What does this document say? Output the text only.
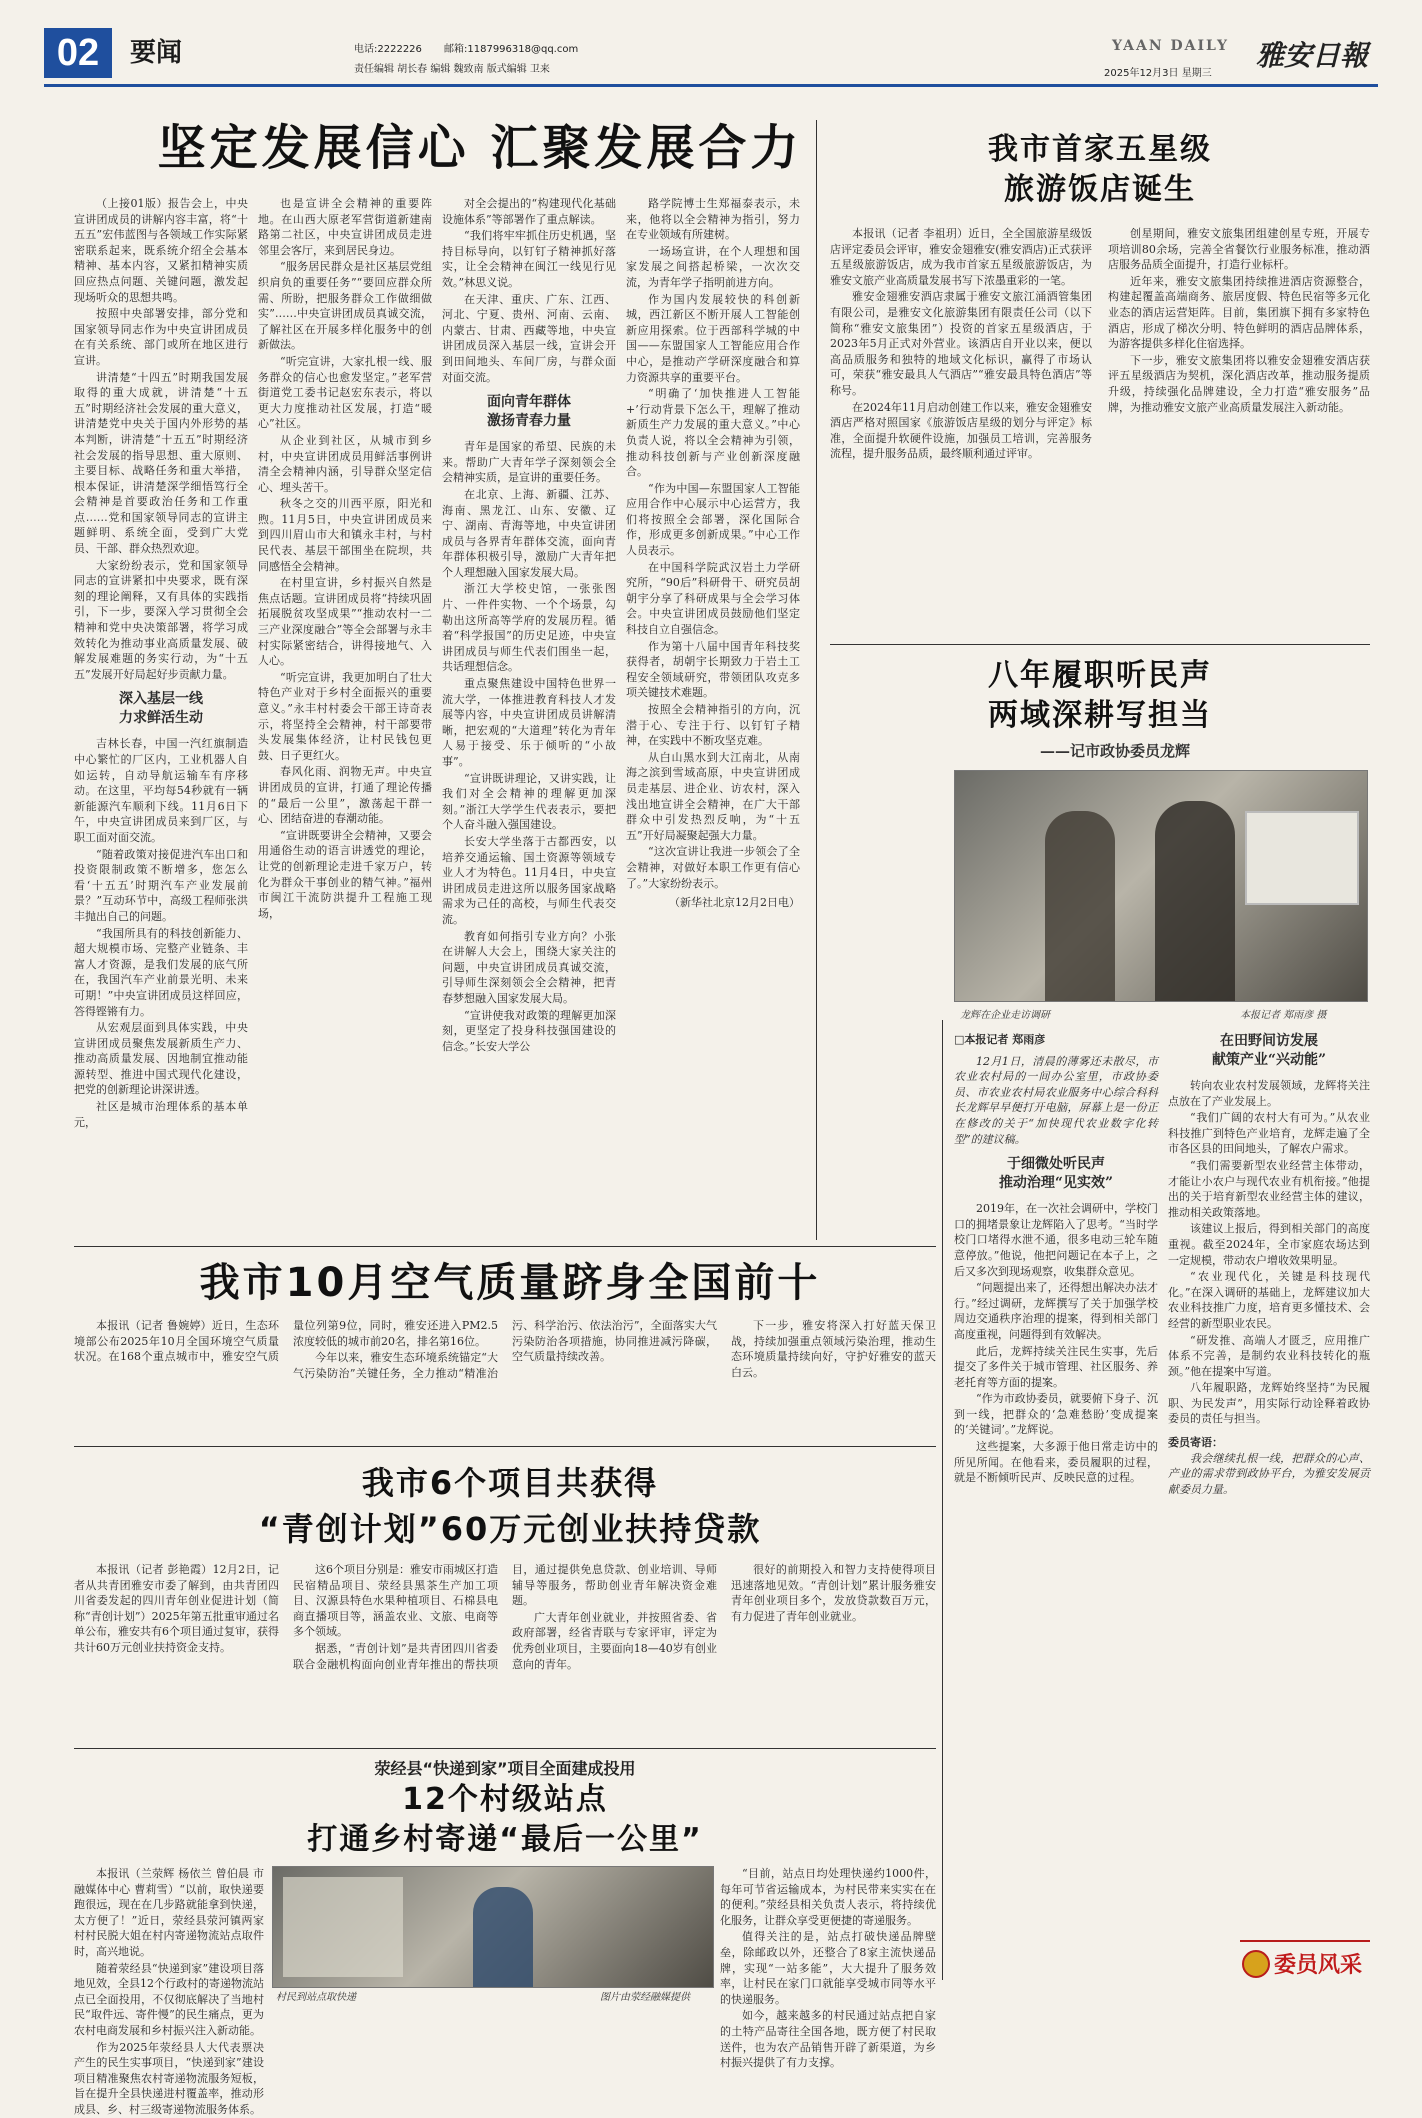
02	要闻	电话:2222226 邮箱:1187996318@qq.com
责任编辑 胡长春 编辑 魏致南 版式编辑 卫来
YAAN DAILY
2025年12月3日 星期三
雅安日報
坚定发展信心 汇聚发展合力

（上接01版）报告会上，中央宣讲团成员的讲解内容丰富，将“十五五”宏伟蓝图与各领域工作实际紧密联系起来，既系统介绍全会基本精神、基本内容，又紧扣精神实质回应热点问题、关键问题，激发起现场听众的思想共鸣。

按照中央部署安排，部分党和国家领导同志作为中央宣讲团成员在有关系统、部门或所在地区进行宣讲。

讲清楚“十四五”时期我国发展取得的重大成就，讲清楚“十五五”时期经济社会发展的重大意义，讲清楚党中央关于国内外形势的基本判断，讲清楚“十五五”时期经济社会发展的指导思想、重大原则、主要目标、战略任务和重大举措，根本保证，讲清楚深学细悟笃行全会精神是首要政治任务和工作重点……党和国家领导同志的宣讲主题鲜明、系统全面，受到广大党员、干部、群众热烈欢迎。

大家纷纷表示，党和国家领导同志的宣讲紧扣中央要求，既有深刻的理论阐释，又有具体的实践指引，下一步，要深入学习贯彻全会精神和党中央决策部署，将学习成效转化为推动事业高质量发展、破解发展难题的务实行动，为“十五五”发展开好局起好步贡献力量。

深入基层一线
力求鲜活生动

吉林长春，中国一汽红旗制造中心繁忙的厂区内，工业机器人自如运转，自动导航运输车有序移动。在这里，平均每54秒就有一辆新能源汽车顺利下线。11月6日下午，中央宣讲团成员来到厂区，与职工面对面交流。

“随着政策对接促进汽车出口和投资限制政策不断增多，您怎么看‘十五五’时期汽车产业发展前景？”互动环节中，高级工程师张洪丰抛出自己的问题。

“我国所具有的科技创新能力、超大规模市场、完整产业链条、丰富人才资源，是我们发展的底气所在，我国汽车产业前景光明、未来可期！”中央宣讲团成员这样回应，答得铿锵有力。

从宏观层面到具体实践，中央宣讲团成员聚焦发展新质生产力、推动高质量发展、因地制宜推动能源转型、推进中国式现代化建设，把党的创新理论讲深讲透。

社区是城市治理体系的基本单元，

也是宣讲全会精神的重要阵地。在山西大原老军营街道新建南路第二社区，中央宣讲团成员走进邻里会客厅，来到居民身边。

“服务居民群众是社区基层党组织肩负的重要任务”“要回应群众所需、所盼，把服务群众工作做细做实”……中央宣讲团成员真诚交流，了解社区在开展多样化服务中的创新做法。

“听完宣讲，大家扎根一线、服务群众的信心也愈发坚定。”老军营街道党工委书记赵宏东表示，将以更大力度推动社区发展，打造“暖心”社区。

从企业到社区，从城市到乡村，中央宣讲团成员用鲜活事例讲清全会精神内涵，引导群众坚定信心、埋头苦干。

秋冬之交的川西平原，阳光和煦。11月5日，中央宣讲团成员来到四川眉山市大和镇永丰村，与村民代表、基层干部围坐在院坝，共同感悟全会精神。

在村里宣讲，乡村振兴自然是焦点话题。宣讲团成员将“持续巩固拓展脱贫攻坚成果”“推动农村一二三产业深度融合”等全会部署与永丰村实际紧密结合，讲得接地气、入人心。

“听完宣讲，我更加明白了壮大特色产业对于乡村全面振兴的重要意义。”永丰村村委会干部王诗奇表示，将坚持全会精神，村干部要带头发展集体经济，让村民钱包更鼓、日子更红火。

春风化雨、润物无声。中央宣讲团成员的宣讲，打通了理论传播的“最后一公里”，激荡起干群一心、团结奋进的春潮动能。

“宣讲既要讲全会精神，又要会用通俗生动的语言讲透党的理论，让党的创新理论走进千家万户，转化为群众干事创业的精气神。”福州市闽江干流防洪提升工程施工现场，

对全会提出的“构建现代化基础设施体系”等部署作了重点解读。

“我们将牢牢抓住历史机遇，坚持目标导向，以钉钉子精神抓好落实，让全会精神在闽江一线见行见效。”林思义说。

在天津、重庆、广东、江西、河北、宁夏、贵州、河南、云南、内蒙古、甘肃、西藏等地，中央宣讲团成员深入基层一线，宣讲会开到田间地头、车间厂房，与群众面对面交流。

面向青年群体
激扬青春力量

青年是国家的希望、民族的未来。帮助广大青年学子深刻领会全会精神实质，是宣讲的重要任务。

在北京、上海、新疆、江苏、海南、黑龙江、山东、安徽、辽宁、湖南、青海等地，中央宣讲团成员与各界青年群体交流，面向青年群体积极引导，激励广大青年把个人理想融入国家发展大局。

浙江大学校史馆，一张张图片、一件件实物、一个个场景，勾勒出这所高等学府的发展历程。循着“科学报国”的历史足迹，中央宣讲团成员与师生代表们围坐一起，共话理想信念。

重点聚焦建设中国特色世界一流大学，一体推进教育科技人才发展等内容，中央宣讲团成员讲解清晰，把宏观的“大道理”转化为青年人易于接受、乐于倾听的“小故事”。

“宣讲既讲理论，又讲实践，让我们对全会精神的理解更加深刻。”浙江大学学生代表表示，要把个人奋斗融入强国建设。

长安大学坐落于古都西安，以培养交通运输、国土资源等领域专业人才为特色。11月4日，中央宣讲团成员走进这所以服务国家战略需求为己任的高校，与师生代表交流。

教育如何指引专业方向？小张在讲解人大会上，围绕大家关注的问题，中央宣讲团成员真诚交流，引导师生深刻领会全会精神，把青春梦想融入国家发展大局。

“宣讲使我对政策的理解更加深刻，更坚定了投身科技强国建设的信念。”长安大学公

路学院博士生郑福泰表示，未来，他将以全会精神为指引，努力在专业领域有所建树。

一场场宣讲，在个人理想和国家发展之间搭起桥梁，一次次交流，为青年学子指明前进方向。

作为国内发展较快的科创新城，西江新区不断开展人工智能创新应用探索。位于西部科学城的中国——东盟国家人工智能应用合作中心，是推动产学研深度融合和算力资源共享的重要平台。

“明确了‘加快推进人工智能+’行动背景下怎么干，理解了推动新质生产力发展的重大意义。”中心负责人说，将以全会精神为引领，推动科技创新与产业创新深度融合。

“作为中国—东盟国家人工智能应用合作中心展示中心运营方，我们将按照全会部署，深化国际合作，形成更多创新成果。”中心工作人员表示。

在中国科学院武汉岩土力学研究所，“90后”科研骨干、研究员胡朝宇分享了科研成果与全会学习体会。中央宣讲团成员鼓励他们坚定科技自立自强信念。

作为第十八届中国青年科技奖获得者，胡朝宇长期致力于岩土工程安全领域研究，带领团队攻克多项关键技术难题。

按照全会精神指引的方向，沉潜于心、专注于行、以钉钉子精神，在实践中不断攻坚克难。

从白山黑水到大江南北，从南海之滨到雪域高原，中央宣讲团成员走基层、进企业、访农村，深入浅出地宣讲全会精神，在广大干部群众中引发热烈反响，为“十五五”开好局凝聚起强大力量。

“这次宣讲让我进一步领会了全会精神，对做好本职工作更有信心了。”大家纷纷表示。

（新华社北京12月2日电）
我市首家五星级
旅游饭店诞生

本报讯（记者 李祖玥）近日，全全国旅游星级饭店评定委员会评审，雅安金翅雅安(雅安酒店)正式获评五星级旅游饭店，成为我市首家五星级旅游饭店，为雅安文旅产业高质量发展书写下浓墨重彩的一笔。

雅安金翅雅安酒店隶属于雅安文旅江涌酒管集团有限公司，是雅安文化旅游集团有限责任公司（以下简称“雅安文旅集团”）投资的首家五星级酒店，于2023年5月正式对外营业。该酒店自开业以来，便以高品质服务和独特的地域文化标识，赢得了市场认可，荣获“雅安最具人气酒店”“雅安最具特色酒店”等称号。

在2024年11月启动创建工作以来，雅安金翅雅安酒店严格对照国家《旅游饭店星级的划分与评定》标准，全面提升软硬件设施，加强员工培训，完善服务流程，提升服务品质，最终顺利通过评审。

创星期间，雅安文旅集团组建创星专班，开展专项培训80余场，完善全省餐饮行业服务标准，推动酒店服务品质全面提升，打造行业标杆。

近年来，雅安文旅集团持续推进酒店资源整合，构建起覆盖高端商务、旅居度假、特色民宿等多元化业态的酒店运营矩阵。目前，集团旗下拥有多家特色酒店，形成了梯次分明、特色鲜明的酒店品牌体系，为游客提供多样化住宿选择。

下一步，雅安文旅集团将以雅安金翅雅安酒店获评五星级酒店为契机，深化酒店改革，推动服务提质升级，持续强化品牌建设，全力打造“雅安服务”品牌，为推动雅安文旅产业高质量发展注入新动能。

八年履职听民声
两域深耕写担当
——记市政协委员龙辉
龙辉在企业走访调研	本报记者 郑雨彦 摄
□本报记者 郑雨彦
12月1日，清晨的薄雾还未散尽，市农业农村局的一间办公室里，市政协委员、市农业农村局农业服务中心综合科科长龙辉早早便打开电脑，屏幕上是一份正在修改的关于“加快现代农业数字化转型”的建议稿。
于细微处听民声
推动治理“见实效”

2019年，在一次社会调研中，学校门口的拥堵景象让龙辉陷入了思考。“当时学校门口堵得水泄不通，很多电动三轮车随意停放。”他说，他把问题记在本子上，之后又多次到现场观察，收集群众意见。

“问题提出来了，还得想出解决办法才行。”经过调研，龙辉撰写了关于加强学校周边交通秩序治理的提案，得到相关部门高度重视，问题得到有效解决。

此后，龙辉持续关注民生实事，先后提交了多件关于城市管理、社区服务、养老托育等方面的提案。

“作为市政协委员，就要俯下身子、沉到一线，把群众的‘急难愁盼’变成提案的‘关键词’。”龙辉说。

这些提案，大多源于他日常走访中的所见所闻。在他看来，委员履职的过程，就是不断倾听民声、反映民意的过程。

在田野间访发展
献策产业“兴动能”

转向农业农村发展领域，龙辉将关注点放在了产业发展上。

“我们广阔的农村大有可为。”从农业科技推广到特色产业培育，龙辉走遍了全市各区县的田间地头，了解农户需求。

“我们需要新型农业经营主体带动，才能让小农户与现代农业有机衔接。”他提出的关于培育新型农业经营主体的建议，推动相关政策落地。

该建议上报后，得到相关部门的高度重视。截至2024年，全市家庭农场达到一定规模，带动农户增收效果明显。

“农业现代化，关键是科技现代化。”在深入调研的基础上，龙辉建议加大农业科技推广力度，培育更多懂技术、会经营的新型职业农民。

“研发推、高端人才匮乏，应用推广体系不完善，是制约农业科技转化的瓶颈。”他在提案中写道。

八年履职路，龙辉始终坚持“为民履职、为民发声”，用实际行动诠释着政协委员的责任与担当。

委员寄语：
我会继续扎根一线，把群众的心声、产业的需求带到政协平台，为雅安发展贡献委员力量。
委员风采
我市10月空气质量跻身全国前十

本报讯（记者 鲁婉婷）近日，生态环境部公布2025年10月全国环境空气质量状况。在168个重点城市中，雅安空气质量位列第9位，同时，雅安还进入PM2.5浓度较低的城市前20名，排名第16位。

今年以来，雅安生态环境系统锚定“大气污染防治”关键任务，全力推动“精准治污、科学治污、依法治污”，全面落实大气污染防治各项措施，协同推进减污降碳，空气质量持续改善。

下一步，雅安将深入打好蓝天保卫战，持续加强重点领域污染治理，推动生态环境质量持续向好，守护好雅安的蓝天白云。

我市6个项目共获得
“青创计划”60万元创业扶持贷款

本报讯（记者 彭艳霞）12月2日，记者从共青团雅安市委了解到，由共青团四川省委发起的四川青年创业促进计划（简称“青创计划”）2025年第五批重审通过名单公布，雅安共有6个项目通过复审，获得共计60万元创业扶持资金支持。

这6个项目分别是：雅安市雨城区打造民宿精品项目、荥经县黑茶生产加工项目、汉源县特色水果种植项目、石棉县电商直播项目等，涵盖农业、文旅、电商等多个领域。

据悉，“青创计划”是共青团四川省委联合金融机构面向创业青年推出的帮扶项目，通过提供免息贷款、创业培训、导师辅导等服务，帮助创业青年解决资金难题。

广大青年创业就业，并按照省委、省政府部署，经省青联与专家评审，评定为优秀创业项目，主要面向18—40岁有创业意向的青年。

很好的前期投入和智力支持使得项目迅速落地见效。“青创计划”累计服务雅安青年创业项目多个，发放贷款数百万元，有力促进了青年创业就业。

荥经县“快递到家”项目全面建成投用
12个村级站点
打通乡村寄递“最后一公里”

本报讯（兰荥辉 杨依兰 曾伯晨 市融媒体中心 曹莉雪）“以前，取快递要跑很远，现在在几步路就能拿到快递，太方便了！”近日，荥经县荥河镇两家村村民脱大姐在村内寄递物流站点取件时，高兴地说。

随着荥经县“快递到家”建设项目落地见效，全县12个行政村的寄递物流站点已全面投用，不仅彻底解决了当地村民“取件远、寄件慢”的民生痛点，更为农村电商发展和乡村振兴注入新动能。

作为2025年荥经县人大代表票决产生的民生实事项目，“快递到家”建设项目精准聚焦农村寄递物流服务短板，旨在提升全县快递进村覆盖率，推动形成县、乡、村三级寄递物流服务体系。

村民到站点取快递	图片由荥经融媒提供

“目前，站点日均处理快递约1000件，每年可节省运输成本，为村民带来实实在在的便利。”荥经县相关负责人表示，将持续优化服务，让群众享受更便捷的寄递服务。

值得关注的是，站点打破快递品牌壁垒，除邮政以外，还整合了8家主流快递品牌，实现“一站多能”，大大提升了服务效率，让村民在家门口就能享受城市同等水平的快递服务。

如今，越来越多的村民通过站点把自家的土特产品寄往全国各地，既方便了村民取送件，也为农产品销售开辟了新渠道，为乡村振兴提供了有力支撑。
